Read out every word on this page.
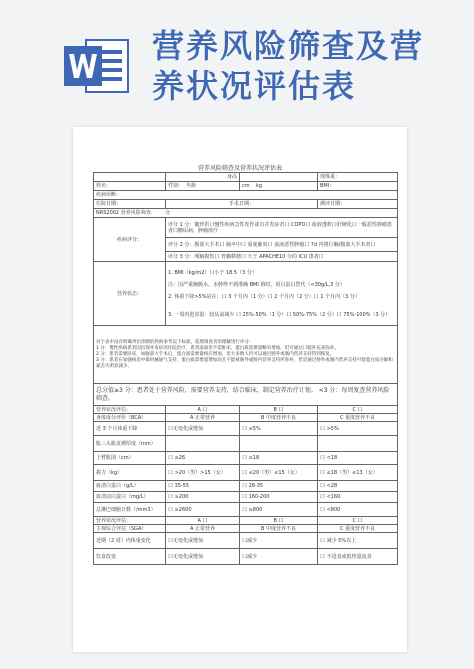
营养风险筛查及营
养状况评估表
营养风险筛查及营养状况评估表
	身高		现体重：
姓名：	性别： 年龄	cm kg	BMI：
疾病诊断：			
住院日期：	手术日期：		测评日期：
NRS2002 营养风险筛查： 分			
疾病评分：	评分 1 分：髋骨折口慢性疾病急性发作或有并发症者口 COPD口 血液透析口肝硬化口一般恶性肿瘤患者口糖尿病，肿瘤放疗		
	评分 2 分：腹部大手术口 脑卒中口 重度肺炎口 血液恶性肿瘤口 7d 内将行胸/腹部大手术者口		
	评分 3 分：颅脑损伤口 骨髓移植口 大于 APACHE10 分的 ICU 患者口		
营养状态：	1. BMI（kg/m2）口小于 18.5（3 分）
注：因严重胸腹水、水肿得不到准确 BMI 值时，用白蛋白替代（<30g/L,3 分）
2. 体重下降>5%是在：口 3 个月内（1 分）口 2 个月内（2 分）口 1 个月内（3 分）
3. 一周内进食量：较从前减少 口 25%-50%（1 分）口 50%-75%（2 分）口 75%-100%（3 分）		

对于表中没有明确列出诊断的疾病参考以下标准，依照调查者的理解进行评分：
1 分：慢性疾病患者因出现并发症而住院治疗，患者虚弱但不需卧床，蛋白质需要量略有增加，但可通过口服补充来弥补。
2 分：患者需要卧床，如腹部大手术后，蛋白质需要量相应增加，但大多数人仍可以通过肠外或肠内营养支持得到恢复。
3 分：患者在加强病房中靠机械通气支持，蛋白质需要量增加而且不能被肠外或肠内营养支持所弥补，但是通过肠外或肠内营养支持可使蛋白质分解和氮丢失明显减少。			

总分值≥3 分：患者处于营养风险，需要营养支持，结合临床，制定营养治疗计划。 <3 分：每周复查营养风险筛查。			
营养状况评估：	A 口	B 口	C 口
身体成分评价（BCA）	A 正常营养	B 中度营养不良	C 重度营养不良
近 3 个月体重下降	口无变化或增加	口 ≤5%	口 >5%
肱三头肌皮褶厚度（mm）			
上臂肌围（cm）	口 ≥26	口 ≥18	口 <18
握力（kg）	口 >20（男）>15（女）	口 ≤20（男）≤15（女）	口 ≤18（男）≤13（女）
血清白蛋白（g/L）	口 35-55	口 28-35	口 <28
血清前白蛋白（mg/L）	口 ≥200	口 160-200	口 <160
总淋巴细胞计数（/mm3）	口 ≥2600	口 ≥800	口 <800
营养状况评估：	A 口	B 口	C 口
主观综合评估（SGA）	A 正常营养	B 中度营养不良	C 重度营养不良
近期（2 周）内体重变化	口无变化或增加	口减少	口 减少 5%以上
饮食改变	口无变化或增加	口减少	口 不进食或低热量流食
